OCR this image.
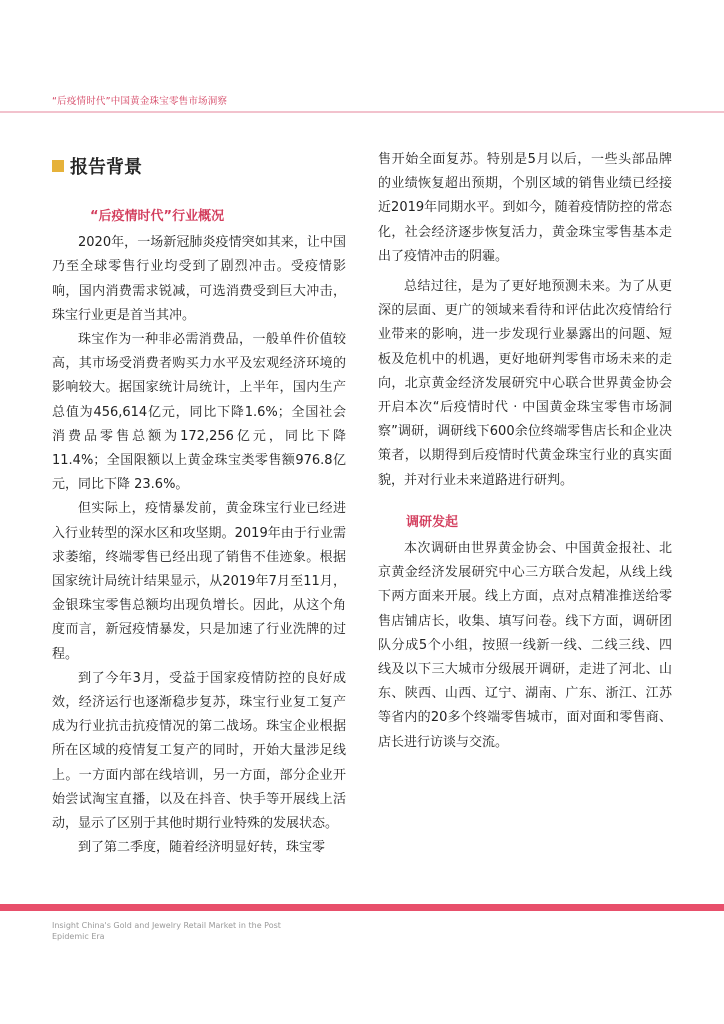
“后疫情时代”中国黄金珠宝零售市场洞察
报告背景
“后疫情时代”行业概况

2020年，一场新冠肺炎疫情突如其来，让中国乃至全球零售行业均受到了剧烈冲击。受疫情影响，国内消费需求锐减，可选消费受到巨大冲击，珠宝行业更是首当其冲。

珠宝作为一种非必需消费品，一般单件价值较高，其市场受消费者购买力水平及宏观经济环境的影响较大。据国家统计局统计，上半年，国内生产总值为456,614亿元，同比下降1.6%；全国社会消费品零售总额为172,256亿元，同比下降11.4%；全国限额以上黄金珠宝类零售额976.8亿元，同比下降 23.6%。

但实际上，疫情暴发前，黄金珠宝行业已经进入行业转型的深水区和攻坚期。2019年由于行业需求萎缩，终端零售已经出现了销售不佳迹象。根据国家统计局统计结果显示，从2019年7月至11月，金银珠宝零售总额均出现负增长。因此，从这个角度而言，新冠疫情暴发，只是加速了行业洗牌的过程。

到了今年3月，受益于国家疫情防控的良好成效，经济运行也逐渐稳步复苏，珠宝行业复工复产成为行业抗击抗疫情况的第二战场。珠宝企业根据所在区域的疫情复工复产的同时，开始大量涉足线上。一方面内部在线培训，另一方面，部分企业开始尝试淘宝直播，以及在抖音、快手等开展线上活动，显示了区别于其他时期行业特殊的发展状态。

到了第二季度，随着经济明显好转，珠宝零

售开始全面复苏。特别是5月以后，一些头部品牌的业绩恢复超出预期，个别区域的销售业绩已经接近2019年同期水平。到如今，随着疫情防控的常态化，社会经济逐步恢复活力，黄金珠宝零售基本走出了疫情冲击的阴霾。

总结过往，是为了更好地预测未来。为了从更深的层面、更广的领域来看待和评估此次疫情给行业带来的影响，进一步发现行业暴露出的问题、短板及危机中的机遇，更好地研判零售市场未来的走向，北京黄金经济发展研究中心联合世界黄金协会开启本次“后疫情时代 · 中国黄金珠宝零售市场洞察”调研，调研线下600余位终端零售店长和企业决策者，以期得到后疫情时代黄金珠宝行业的真实面貌，并对行业未来道路进行研判。

调研发起

本次调研由世界黄金协会、中国黄金报社、北京黄金经济发展研究中心三方联合发起，从线上线下两方面来开展。线上方面，点对点精准推送给零售店铺店长，收集、填写问卷。线下方面，调研团队分成5个小组，按照一线新一线、二线三线、四线及以下三大城市分级展开调研，走进了河北、山东、陕西、山西、辽宁、湖南、广东、浙江、江苏等省内的20多个终端零售城市，面对面和零售商、店长进行访谈与交流。

Insight China's Gold and Jewelry Retail Market in the Post Epidemic Era
